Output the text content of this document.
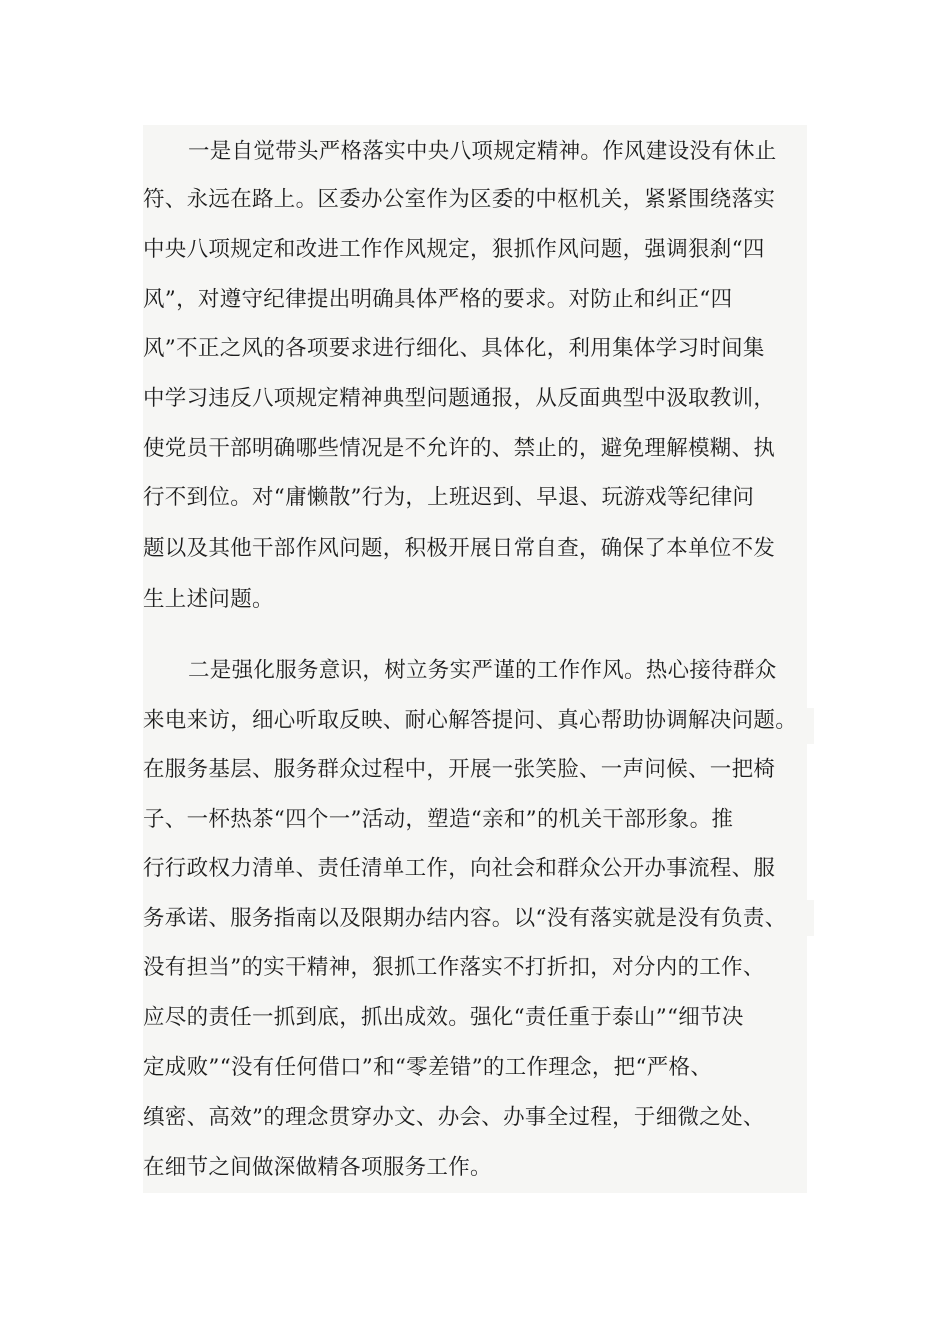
一是自觉带头严格落实中央八项规定精神。作风建设没有休止
符、永远在路上。区委办公室作为区委的中枢机关，紧紧围绕落实
中央八项规定和改进工作作风规定，狠抓作风问题，强调狠刹“四
风”，对遵守纪律提出明确具体严格的要求。对防止和纠正“四
风”不正之风的各项要求进行细化、具体化，利用集体学习时间集
中学习违反八项规定精神典型问题通报，从反面典型中汲取教训，
使党员干部明确哪些情况是不允许的、禁止的，避免理解模糊、执
行不到位。对“庸懒散”行为，上班迟到、早退、玩游戏等纪律问
题以及其他干部作风问题，积极开展日常自查，确保了本单位不发
生上述问题。
二是强化服务意识，树立务实严谨的工作作风。热心接待群众
来电来访，细心听取反映、耐心解答提问、真心帮助协调解决问题。
在服务基层、服务群众过程中，开展一张笑脸、一声问候、一把椅
子、一杯热茶“四个一”活动，塑造“亲和”的机关干部形象。推
行行政权力清单、责任清单工作，向社会和群众公开办事流程、服
务承诺、服务指南以及限期办结内容。以“没有落实就是没有负责、
没有担当”的实干精神，狠抓工作落实不打折扣，对分内的工作、
应尽的责任一抓到底，抓出成效。强化“责任重于泰山”“细节决
定成败”“没有任何借口”和“零差错”的工作理念，把“严格、
缜密、高效”的理念贯穿办文、办会、办事全过程，于细微之处、
在细节之间做深做精各项服务工作。
